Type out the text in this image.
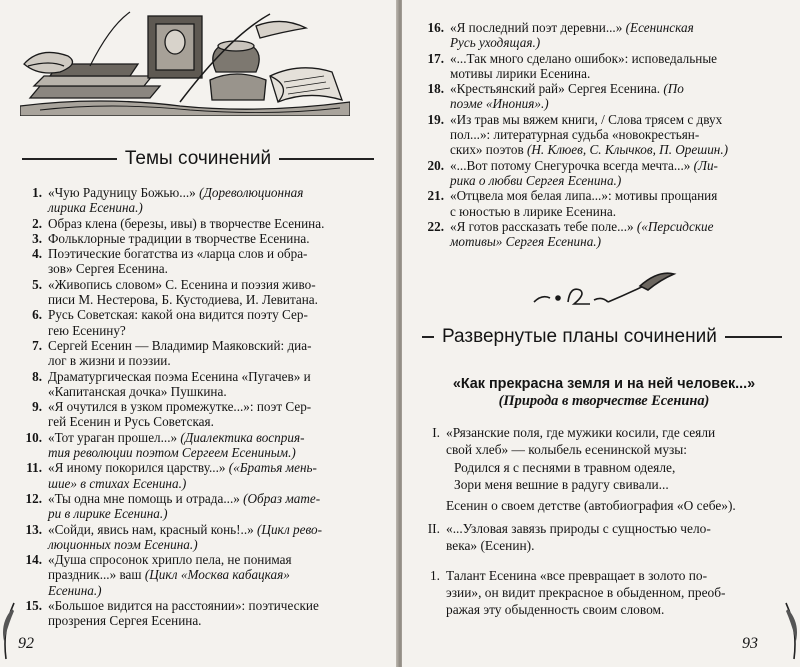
Темы сочинений
1. «Чую Радуницу Божью...» (Дореволюционная
лирика Есенина.)
2. Образ клена (березы, ивы) в творчестве Есенина.
3. Фольклорные традиции в творчестве Есенина.
4. Поэтические богатства из «ларца слов и обра-
зов» Сергея Есенина.
5. «Живопись словом» С. Есенина и поэзия живо-
писи М. Нестерова, Б. Кустодиева, И. Левитана.
6. Русь Советская: какой она видится поэту Сер-
гею Есенину?
7. Сергей Есенин — Владимир Маяковский: диа-
лог в жизни и поэзии.
8. Драматургическая поэма Есенина «Пугачев» и
«Капитанская дочка» Пушкина.
9. «Я очутился в узком промежутке...»: поэт Сер-
гей Есенин и Русь Советская.
10. «Тот ураган прошел...» (Диалектика восприя-
тия революции поэтом Сергеем Есениным.)
11. «Я иному покорился царству...» («Братья мень-
шие» в стихах Есенина.)
12. «Ты одна мне помощь и отрада...» (Образ мате-
ри в лирике Есенина.)
13. «Сойди, явись нам, красный конь!..» (Цикл рево-
люционных поэм Есенина.)
14. «Душа спросонок хрипло пела, не понимая
праздник...» ваш (Цикл «Москва кабацкая»
Есенина.)
15. «Большое видится на расстоянии»: поэтические
прозрения Сергея Есенина.
92
16. «Я последний поэт деревни...» (Есенинская
Русь уходящая.)
17. «...Так много сделано ошибок»: исповедальные
мотивы лирики Есенина.
18. «Крестьянский рай» Сергея Есенина. (По
поэме «Инония».)
19. «Из трав мы вяжем книги, / Слова трясем с двух
пол...»: литературная судьба «новокрестьян-
ских» поэтов (Н. Клюев, С. Клычков, П. Орешин.)
20. «...Вот потому Снегурочка всегда мечта...» (Ли-
рика о любви Сергея Есенина.)
21. «Отцвела моя белая липа...»: мотивы прощания
с юностью в лирике Есенина.
22. «Я готов рассказать тебе поле...» («Персидские
мотивы» Сергея Есенина.)
Развернутые планы сочинений
«Как прекрасна земля и на ней человек...»
(Природа в творчестве Есенина)
I. «Рязанские поля, где мужики косили, где сеяли
свой хлеб» — колыбель есенинской музы:
Родился я с песнями в травном одеяле,
Зори меня вешние в радугу свивали...
Есенин о своем детстве (автобиография «О себе»).
II. «...Узловая завязь природы с сущностью чело-
века» (Есенин).
1. Талант Есенина «все превращает в золото по-
эзии», он видит прекрасное в обыденном, преоб-
ражая эту обыденность своим словом.
93
